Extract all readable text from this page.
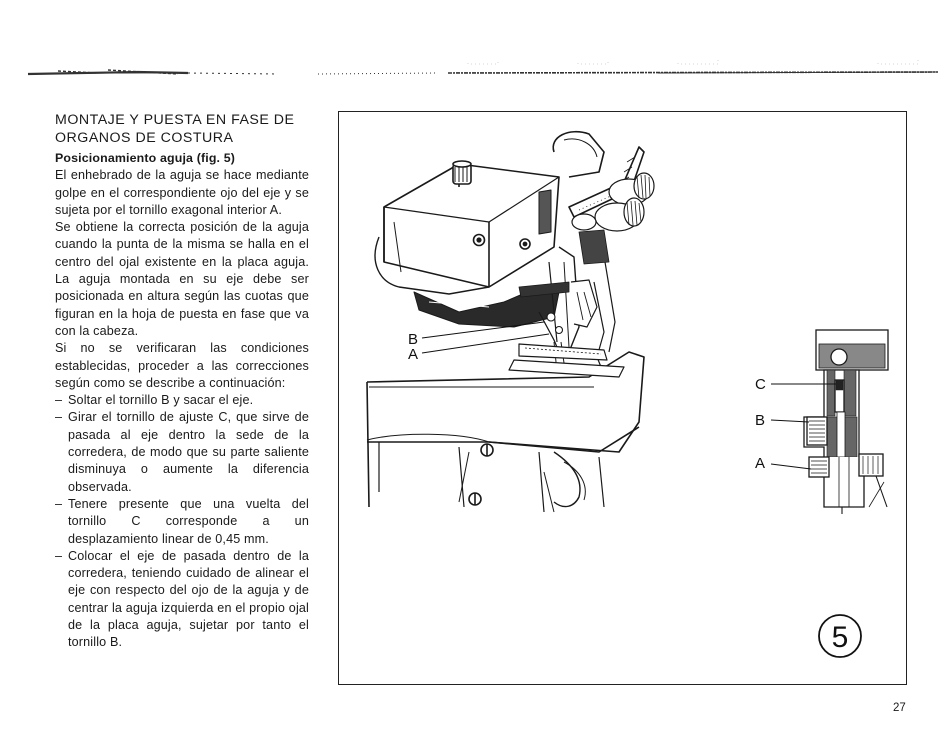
MONTAJE Y PUESTA EN FASE DE
ORGANOS DE COSTURA
Posicionamiento aguja (fig. 5)

El enhebrado de la aguja se hace mediante golpe en el correspondiente ojo del eje y se sujeta por el tornillo exagonal interior A.

Se obtiene la correcta posición de la aguja cuando la punta de la misma se halla en el centro del ojal existente en la placa aguja. La aguja montada en su eje debe ser posicionada en altura según las cuotas que figuran en la hoja de puesta en fase que va con la cabeza.

Si no se verificaran las condiciones establecidas, proceder a las correcciones según como se describe a continuación:

– Soltar el tornillo B y sacar el eje.
– Girar el tornillo de ajuste C, que sirve de pasada al eje dentro la sede de la corredera, de modo que su parte saliente disminuya o aumente la diferencia observada.
– Tenere presente que una vuelta del tornillo C corresponde a un desplazamiento linear de 0,45 mm.
– Colocar el eje de pasada dentro de la corredera, teniendo cuidado de alinear el eje con respecto del ojo de la aguja y de centrar la aguja izquierda en el propio ojal de la placa aguja, sujetar por tanto el tornillo B.
B
A
C
B
A
5
27
